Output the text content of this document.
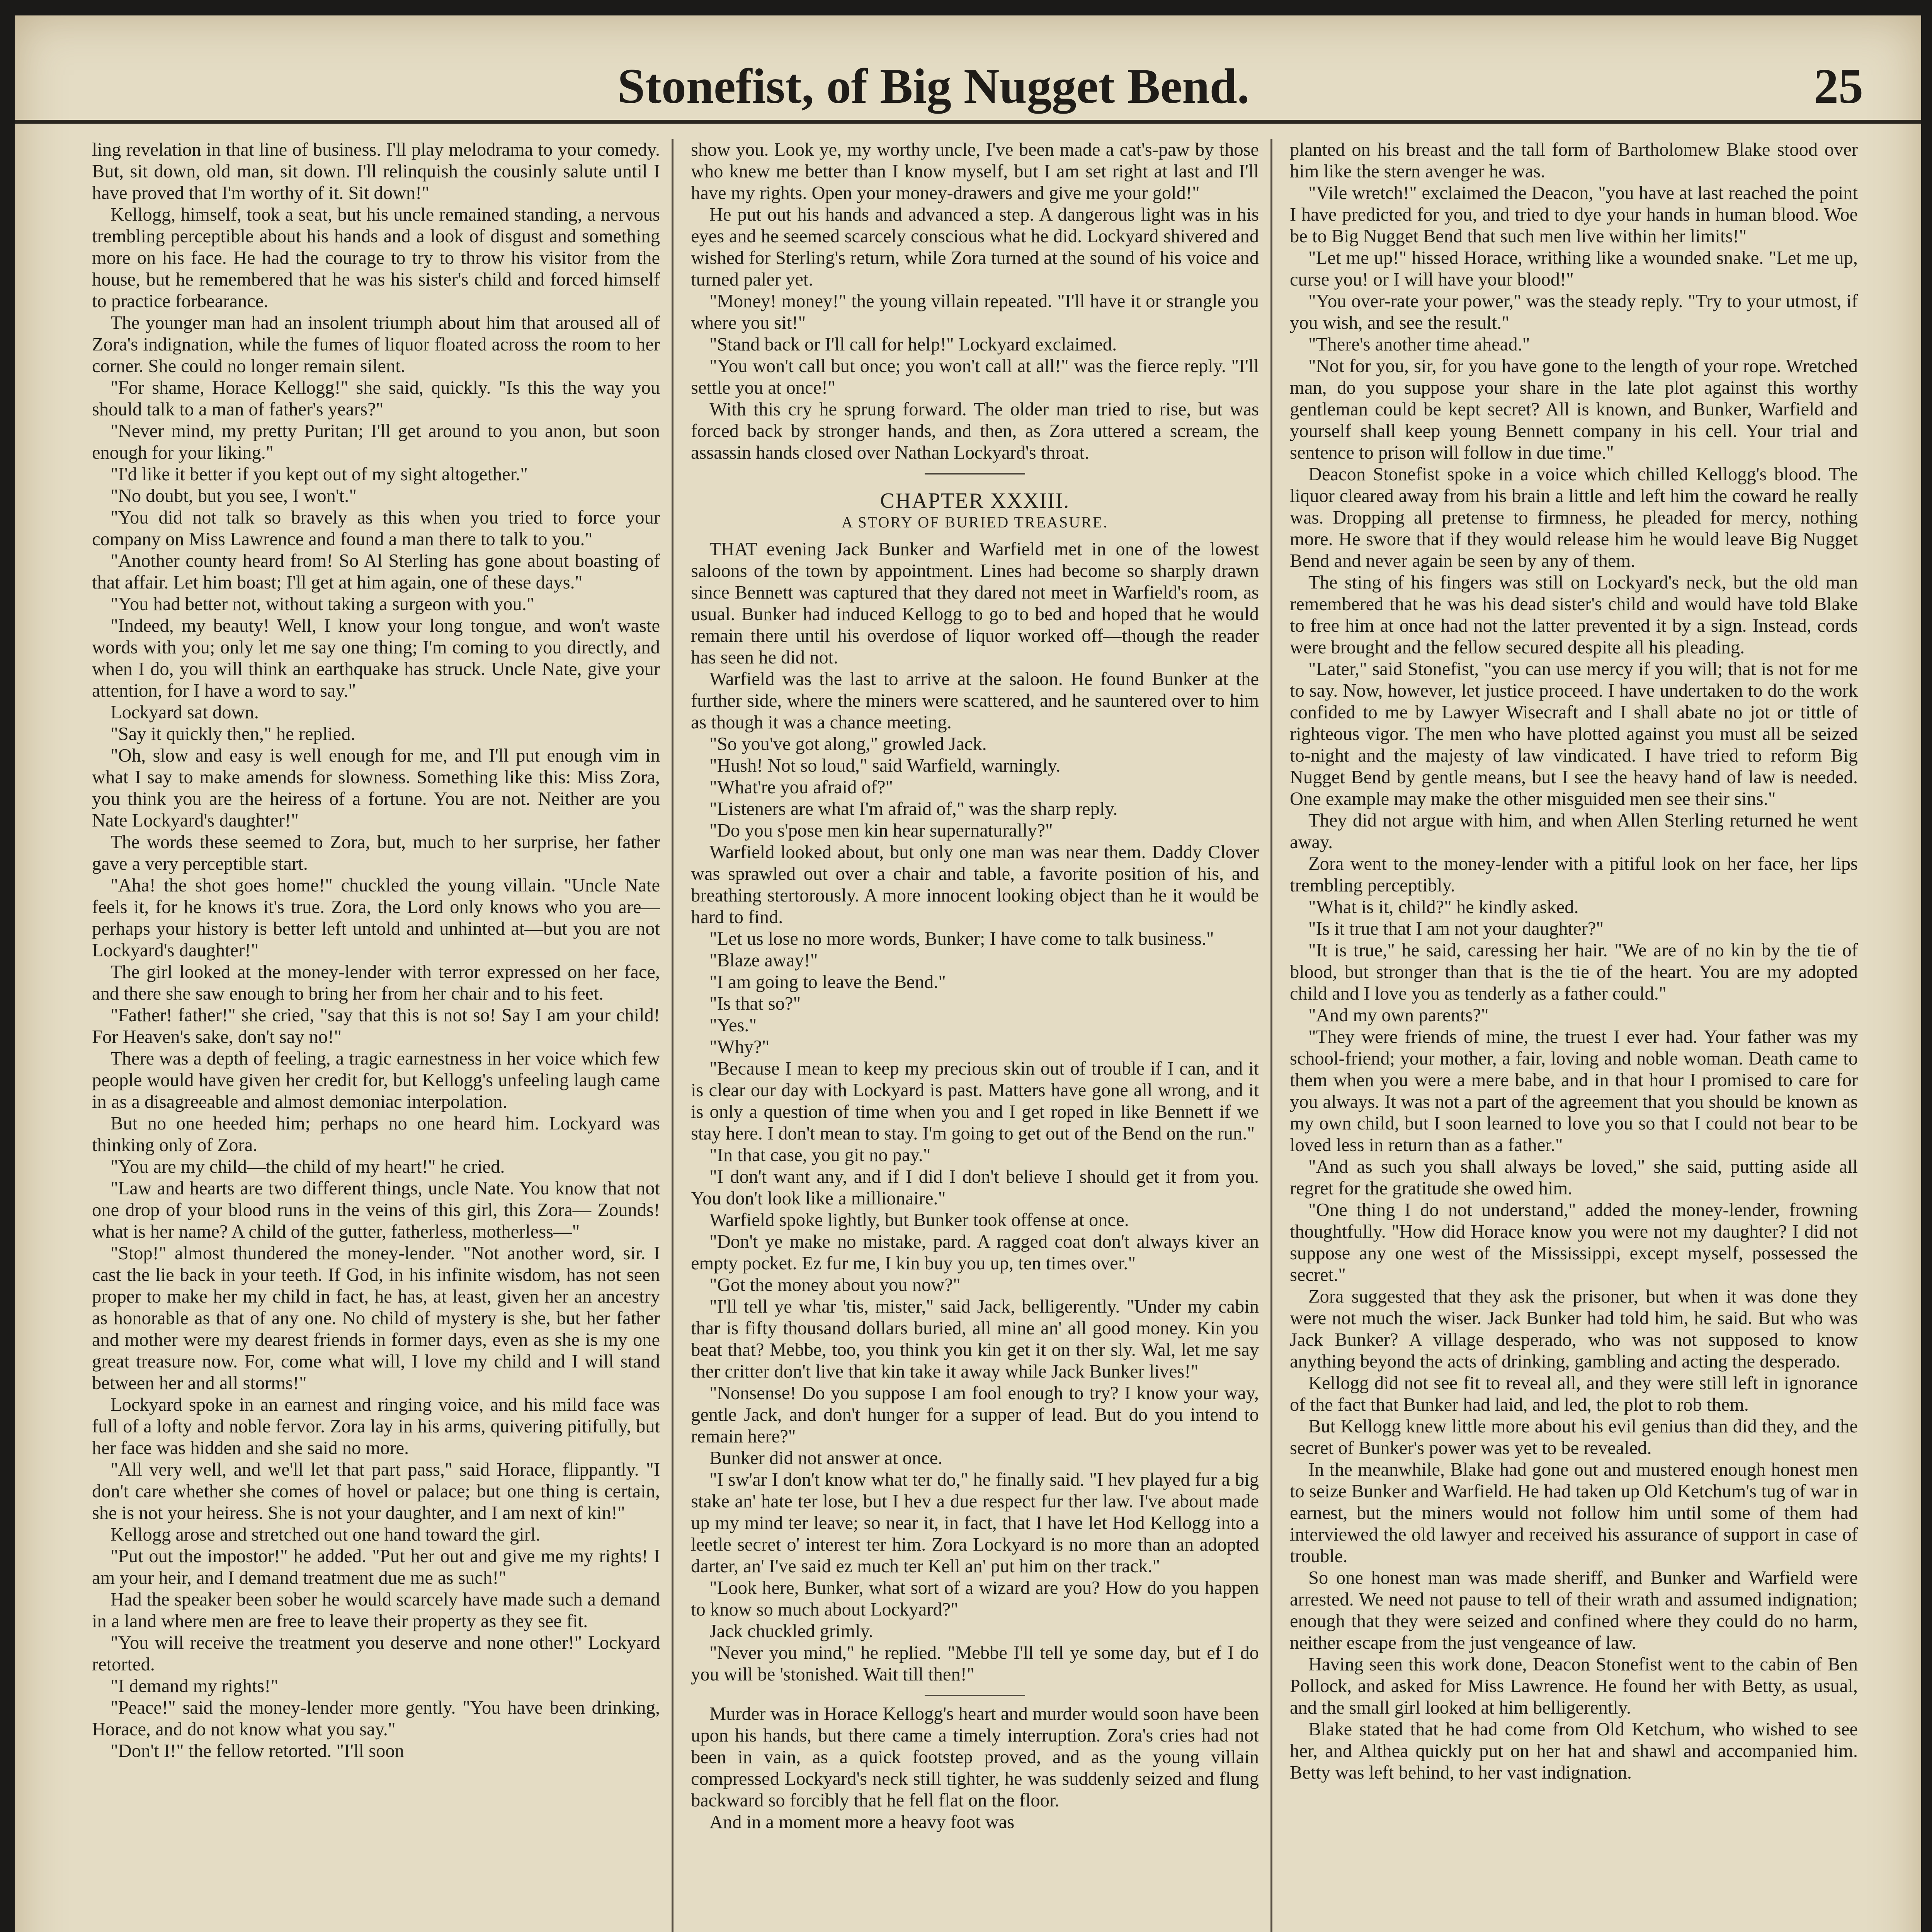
Stonefist, of Big Nugget Bend.	25

ling revelation in that line of business. I'll play melodrama to your comedy. But, sit down, old man, sit down. I'll relinquish the cousinly salute until I have proved that I'm worthy of it. Sit down!"

Kellogg, himself, took a seat, but his uncle remained standing, a nervous trembling perceptible about his hands and a look of disgust and something more on his face. He had the courage to try to throw his visitor from the house, but he remembered that he was his sister's child and forced himself to practice forbearance.

The younger man had an insolent triumph about him that aroused all of Zora's indignation, while the fumes of liquor floated across the room to her corner. She could no longer remain silent.

"For shame, Horace Kellogg!" she said, quickly. "Is this the way you should talk to a man of father's years?"

"Never mind, my pretty Puritan; I'll get around to you anon, but soon enough for your liking."

"I'd like it better if you kept out of my sight altogether."

"No doubt, but you see, I won't."

"You did not talk so bravely as this when you tried to force your company on Miss Lawrence and found a man there to talk to you."

"Another county heard from! So Al Sterling has gone about boasting of that affair. Let him boast; I'll get at him again, one of these days."

"You had better not, without taking a surgeon with you."

"Indeed, my beauty! Well, I know your long tongue, and won't waste words with you; only let me say one thing; I'm coming to you directly, and when I do, you will think an earthquake has struck. Uncle Nate, give your attention, for I have a word to say."

Lockyard sat down.

"Say it quickly then," he replied.

"Oh, slow and easy is well enough for me, and I'll put enough vim in what I say to make amends for slowness. Something like this: Miss Zora, you think you are the heiress of a fortune. You are not. Neither are you Nate Lockyard's daughter!"

The words these seemed to Zora, but, much to her surprise, her father gave a very perceptible start.

"Aha! the shot goes home!" chuckled the young villain. "Uncle Nate feels it, for he knows it's true. Zora, the Lord only knows who you are—perhaps your history is better left untold and unhinted at—but you are not Lockyard's daughter!"

The girl looked at the money-lender with terror expressed on her face, and there she saw enough to bring her from her chair and to his feet.

"Father! father!" she cried, "say that this is not so! Say I am your child! For Heaven's sake, don't say no!"

There was a depth of feeling, a tragic earnestness in her voice which few people would have given her credit for, but Kellogg's unfeeling laugh came in as a disagreeable and almost demoniac interpolation.

But no one heeded him; perhaps no one heard him. Lockyard was thinking only of Zora.

"You are my child—the child of my heart!" he cried.

"Law and hearts are two different things, uncle Nate. You know that not one drop of your blood runs in the veins of this girl, this Zora— Zounds! what is her name? A child of the gutter, fatherless, motherless—"

"Stop!" almost thundered the money-lender. "Not another word, sir. I cast the lie back in your teeth. If God, in his infinite wisdom, has not seen proper to make her my child in fact, he has, at least, given her an ancestry as honorable as that of any one. No child of mystery is she, but her father and mother were my dearest friends in former days, even as she is my one great treasure now. For, come what will, I love my child and I will stand between her and all storms!"

Lockyard spoke in an earnest and ringing voice, and his mild face was full of a lofty and noble fervor. Zora lay in his arms, quivering pitifully, but her face was hidden and she said no more.

"All very well, and we'll let that part pass," said Horace, flippantly. "I don't care whether she comes of hovel or palace; but one thing is certain, she is not your heiress. She is not your daughter, and I am next of kin!"

Kellogg arose and stretched out one hand toward the girl.

"Put out the impostor!" he added. "Put her out and give me my rights! I am your heir, and I demand treatment due me as such!"

Had the speaker been sober he would scarcely have made such a demand in a land where men are free to leave their property as they see fit.

"You will receive the treatment you deserve and none other!" Lockyard retorted.

"I demand my rights!"

"Peace!" said the money-lender more gently. "You have been drinking, Horace, and do not know what you say."

"Don't I!" the fellow retorted. "I'll soon

show you. Look ye, my worthy uncle, I've been made a cat's-paw by those who knew me better than I know myself, but I am set right at last and I'll have my rights. Open your money-drawers and give me your gold!"

He put out his hands and advanced a step. A dangerous light was in his eyes and he seemed scarcely conscious what he did. Lockyard shivered and wished for Sterling's return, while Zora turned at the sound of his voice and turned paler yet.

"Money! money!" the young villain repeated. "I'll have it or strangle you where you sit!"

"Stand back or I'll call for help!" Lockyard exclaimed.

"You won't call but once; you won't call at all!" was the fierce reply. "I'll settle you at once!"

With this cry he sprung forward. The older man tried to rise, but was forced back by stronger hands, and then, as Zora uttered a scream, the assassin hands closed over Nathan Lockyard's throat.

CHAPTER XXXIII.

A STORY OF BURIED TREASURE.

THAT evening Jack Bunker and Warfield met in one of the lowest saloons of the town by appointment. Lines had become so sharply drawn since Bennett was captured that they dared not meet in Warfield's room, as usual. Bunker had induced Kellogg to go to bed and hoped that he would remain there until his overdose of liquor worked off—though the reader has seen he did not.

Warfield was the last to arrive at the saloon. He found Bunker at the further side, where the miners were scattered, and he sauntered over to him as though it was a chance meeting.

"So you've got along," growled Jack.

"Hush! Not so loud," said Warfield, warningly.

"What're you afraid of?"

"Listeners are what I'm afraid of," was the sharp reply.

"Do you s'pose men kin hear supernaturally?"

Warfield looked about, but only one man was near them. Daddy Clover was sprawled out over a chair and table, a favorite position of his, and breathing stertorously. A more innocent looking object than he it would be hard to find.

"Let us lose no more words, Bunker; I have come to talk business."

"Blaze away!"

"I am going to leave the Bend."

"Is that so?"

"Yes."

"Why?"

"Because I mean to keep my precious skin out of trouble if I can, and it is clear our day with Lockyard is past. Matters have gone all wrong, and it is only a question of time when you and I get roped in like Bennett if we stay here. I don't mean to stay. I'm going to get out of the Bend on the run."

"In that case, you git no pay."

"I don't want any, and if I did I don't believe I should get it from you. You don't look like a millionaire."

Warfield spoke lightly, but Bunker took offense at once.

"Don't ye make no mistake, pard. A ragged coat don't always kiver an empty pocket. Ez fur me, I kin buy you up, ten times over."

"Got the money about you now?"

"I'll tell ye whar 'tis, mister," said Jack, belligerently. "Under my cabin thar is fifty thousand dollars buried, all mine an' all good money. Kin you beat that? Mebbe, too, you think you kin get it on ther sly. Wal, let me say ther critter don't live that kin take it away while Jack Bunker lives!"

"Nonsense! Do you suppose I am fool enough to try? I know your way, gentle Jack, and don't hunger for a supper of lead. But do you intend to remain here?"

Bunker did not answer at once.

"I sw'ar I don't know what ter do," he finally said. "I hev played fur a big stake an' hate ter lose, but I hev a due respect fur ther law. I've about made up my mind ter leave; so near it, in fact, that I have let Hod Kellogg into a leetle secret o' interest ter him. Zora Lockyard is no more than an adopted darter, an' I've said ez much ter Kell an' put him on ther track."

"Look here, Bunker, what sort of a wizard are you? How do you happen to know so much about Lockyard?"

Jack chuckled grimly.

"Never you mind," he replied. "Mebbe I'll tell ye some day, but ef I do you will be 'stonished. Wait till then!"

Murder was in Horace Kellogg's heart and murder would soon have been upon his hands, but there came a timely interruption. Zora's cries had not been in vain, as a quick footstep proved, and as the young villain compressed Lockyard's neck still tighter, he was suddenly seized and flung backward so forcibly that he fell flat on the floor.

And in a moment more a heavy foot was

planted on his breast and the tall form of Bartholomew Blake stood over him like the stern avenger he was.

"Vile wretch!" exclaimed the Deacon, "you have at last reached the point I have predicted for you, and tried to dye your hands in human blood. Woe be to Big Nugget Bend that such men live within her limits!"

"Let me up!" hissed Horace, writhing like a wounded snake. "Let me up, curse you! or I will have your blood!"

"You over-rate your power," was the steady reply. "Try to your utmost, if you wish, and see the result."

"There's another time ahead."

"Not for you, sir, for you have gone to the length of your rope. Wretched man, do you suppose your share in the late plot against this worthy gentleman could be kept secret? All is known, and Bunker, Warfield and yourself shall keep young Bennett company in his cell. Your trial and sentence to prison will follow in due time."

Deacon Stonefist spoke in a voice which chilled Kellogg's blood. The liquor cleared away from his brain a little and left him the coward he really was. Dropping all pretense to firmness, he pleaded for mercy, nothing more. He swore that if they would release him he would leave Big Nugget Bend and never again be seen by any of them.

The sting of his fingers was still on Lockyard's neck, but the old man remembered that he was his dead sister's child and would have told Blake to free him at once had not the latter prevented it by a sign. Instead, cords were brought and the fellow secured despite all his pleading.

"Later," said Stonefist, "you can use mercy if you will; that is not for me to say. Now, however, let justice proceed. I have undertaken to do the work confided to me by Lawyer Wisecraft and I shall abate no jot or tittle of righteous vigor. The men who have plotted against you must all be seized to-night and the majesty of law vindicated. I have tried to reform Big Nugget Bend by gentle means, but I see the heavy hand of law is needed. One example may make the other misguided men see their sins."

They did not argue with him, and when Allen Sterling returned he went away.

Zora went to the money-lender with a pitiful look on her face, her lips trembling perceptibly.

"What is it, child?" he kindly asked.

"Is it true that I am not your daughter?"

"It is true," he said, caressing her hair. "We are of no kin by the tie of blood, but stronger than that is the tie of the heart. You are my adopted child and I love you as tenderly as a father could."

"And my own parents?"

"They were friends of mine, the truest I ever had. Your father was my school-friend; your mother, a fair, loving and noble woman. Death came to them when you were a mere babe, and in that hour I promised to care for you always. It was not a part of the agreement that you should be known as my own child, but I soon learned to love you so that I could not bear to be loved less in return than as a father."

"And as such you shall always be loved," she said, putting aside all regret for the gratitude she owed him.

"One thing I do not understand," added the money-lender, frowning thoughtfully. "How did Horace know you were not my daughter? I did not suppose any one west of the Mississippi, except myself, possessed the secret."

Zora suggested that they ask the prisoner, but when it was done they were not much the wiser. Jack Bunker had told him, he said. But who was Jack Bunker? A village desperado, who was not supposed to know anything beyond the acts of drinking, gambling and acting the desperado.

Kellogg did not see fit to reveal all, and they were still left in ignorance of the fact that Bunker had laid, and led, the plot to rob them.

But Kellogg knew little more about his evil genius than did they, and the secret of Bunker's power was yet to be revealed.

In the meanwhile, Blake had gone out and mustered enough honest men to seize Bunker and Warfield. He had taken up Old Ketchum's tug of war in earnest, but the miners would not follow him until some of them had interviewed the old lawyer and received his assurance of support in case of trouble.

So one honest man was made sheriff, and Bunker and Warfield were arrested. We need not pause to tell of their wrath and assumed indignation; enough that they were seized and confined where they could do no harm, neither escape from the just vengeance of law.

Having seen this work done, Deacon Stonefist went to the cabin of Ben Pollock, and asked for Miss Lawrence. He found her with Betty, as usual, and the small girl looked at him belligerently.

Blake stated that he had come from Old Ketchum, who wished to see her, and Althea quickly put on her hat and shawl and accompanied him. Betty was left behind, to her vast indignation.
